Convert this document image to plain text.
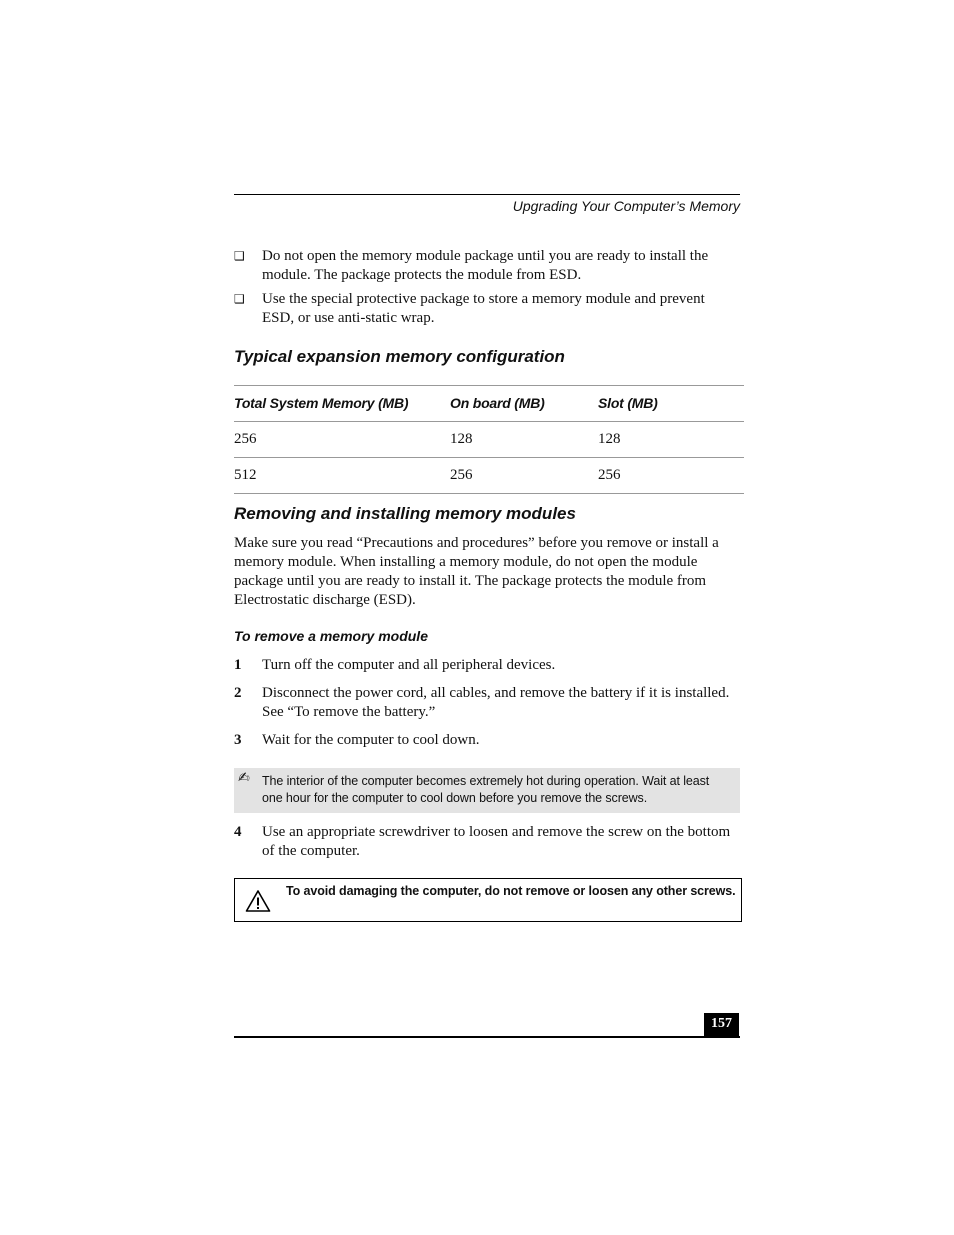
Upgrading Your Computer’s Memory
❑ Do not open the memory module package until you are ready to install the module. The package protects the module from ESD.
❑ Use the special protective package to store a memory module and prevent ESD, or use anti-static wrap.
Typical expansion memory configuration
Total System Memory (MB)	On board (MB)	Slot (MB)
256	128	128
512	256	256
Removing and installing memory modules
Make sure you read “Precautions and procedures” before you remove or install a memory module. When installing a memory module, do not open the module package until you are ready to install it. The package protects the module from Electrostatic discharge (ESD).
To remove a memory module
1 Turn off the computer and all peripheral devices.
2 Disconnect the power cord, all cables, and remove the battery if it is installed. See “To remove the battery.”
3 Wait for the computer to cool down.
✍ The interior of the computer becomes extremely hot during operation. Wait at least one hour for the computer to cool down before you remove the screws.
4 Use an appropriate screwdriver to loosen and remove the screw on the bottom of the computer.
To avoid damaging the computer, do not remove or loosen any other screws.
157
